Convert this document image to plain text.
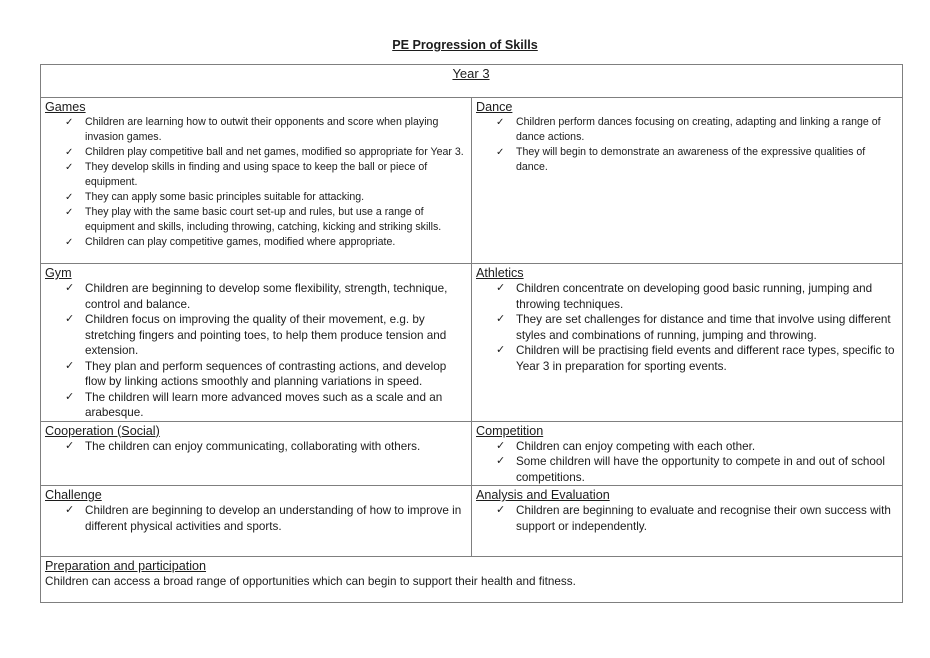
PE Progression of Skills
Year 3	

Games
✓	Children are learning how to outwit their opponents and score when playing invasion games.
✓	Children play competitive ball and net games, modified so appropriate for Year 3.
✓	They develop skills in finding and using space to keep the ball or piece of equipment.
✓	They can apply some basic principles suitable for attacking.
✓	They play with the same basic court set-up and rules, but use a range of equipment and skills, including throwing, catching, kicking and striking skills.
✓	Children can play competitive games, modified where appropriate.

Dance
✓	Children perform dances focusing on creating, adapting and linking a range of dance actions.
✓	They will begin to demonstrate an awareness of the expressive qualities of dance.

Gym
✓ Children are beginning to develop some flexibility, strength, technique, control and balance.
✓ Children focus on improving the quality of their movement, e.g. by stretching fingers and pointing toes, to help them produce tension and extension.
✓ They plan and perform sequences of contrasting actions, and develop flow by linking actions smoothly and planning variations in speed.
✓ The children will learn more advanced moves such as a scale and an arabesque.

Athletics
✓ Children concentrate on developing good basic running, jumping and throwing techniques.
✓ They are set challenges for distance and time that involve using different styles and combinations of running, jumping and throwing.
✓ Children will be practising field events and different race types, specific to Year 3 in preparation for sporting events.

Cooperation (Social)
✓ The children can enjoy communicating, collaborating with others.

Competition
✓ Children can enjoy competing with each other.
✓ Some children will have the opportunity to compete in and out of school competitions.

Challenge
✓ Children are beginning to develop an understanding of how to improve in different physical activities and sports.

Analysis and Evaluation
✓ Children are beginning to evaluate and recognise their own success with support or independently.

Preparation and participation
Children can access a broad range of opportunities which can begin to support their health and fitness.	
